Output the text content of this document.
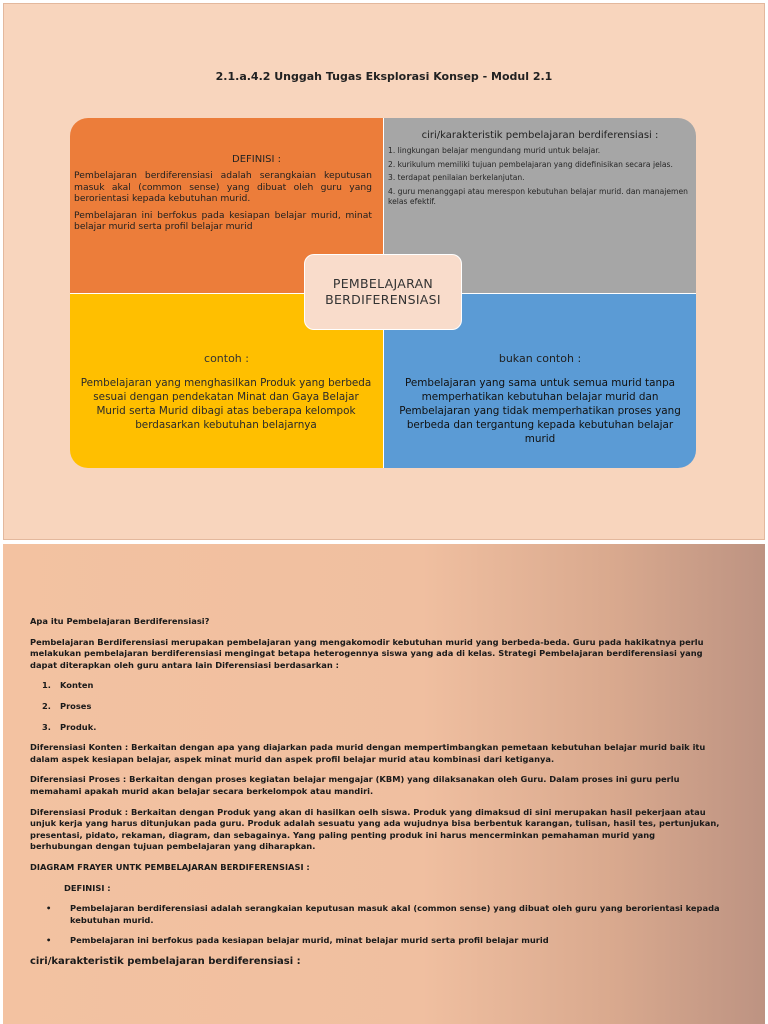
2.1.a.4.2 Unggah Tugas Eksplorasi Konsep - Modul 2.1
DEFINISI :

Pembelajaran berdiferensiasi adalah serangkaian keputusan masuk akal (common sense) yang dibuat oleh guru yang berorientasi kepada kebutuhan murid.

Pembelajaran ini berfokus pada kesiapan belajar murid, minat belajar murid serta profil belajar murid

ciri/karakteristik pembelajaran berdiferensiasi :
1. lingkungan belajar mengundang murid untuk belajar.
2. kurikulum memiliki tujuan pembelajaran yang didefinisikan secara jelas.
3. terdapat penilaian berkelanjutan.
4. guru menanggapi atau merespon kebutuhan belajar murid. dan manajemen kelas efektif.
contoh :
Pembelajaran yang menghasilkan Produk yang berbeda sesuai dengan pendekatan Minat dan Gaya Belajar Murid serta Murid dibagi atas beberapa kelompok berdasarkan kebutuhan belajarnya
bukan contoh :
Pembelajaran yang sama untuk semua murid tanpa memperhatikan kebutuhan belajar murid dan Pembelajaran yang tidak memperhatikan proses yang berbeda dan tergantung kepada kebutuhan belajar murid
PEMBELAJARAN
BERDIFERENSIASI
Apa itu Pembelajaran Berdiferensiasi?

Pembelajaran Berdiferensiasi merupakan pembelajaran yang mengakomodir kebutuhan murid yang berbeda-beda. Guru pada hakikatnya perlu melakukan pembelajaran berdiferensiasi mengingat betapa heterogennya siswa yang ada di kelas. Strategi Pembelajaran berdiferensiasi yang dapat diterapkan oleh guru antara lain Diferensiasi berdasarkan :

1. Konten
2. Proses
3. Produk.

Diferensiasi Konten : Berkaitan dengan apa yang diajarkan pada murid dengan mempertimbangkan pemetaan kebutuhan belajar murid baik itu dalam aspek kesiapan belajar, aspek minat murid dan aspek profil belajar murid atau kombinasi dari ketiganya.

Diferensiasi Proses : Berkaitan dengan proses kegiatan belajar mengajar (KBM) yang dilaksanakan oleh Guru. Dalam proses ini guru perlu memahami apakah murid akan belajar secara berkelompok atau mandiri.

Diferensiasi Produk : Berkaitan dengan Produk yang akan di hasilkan oelh siswa. Produk yang dimaksud di sini merupakan hasil pekerjaan atau unjuk kerja yang harus ditunjukan pada guru. Produk adalah sesuatu yang ada wujudnya bisa berbentuk karangan, tulisan, hasil tes, pertunjukan, presentasi, pidato, rekaman, diagram, dan sebagainya. Yang paling penting produk ini harus mencerminkan pemahaman murid yang berhubungan dengan tujuan pembelajaran yang diharapkan.

DIAGRAM FRAYER UNTK PEMBELAJARAN BERDIFERENSIASI :
DEFINISI :
• Pembelajaran berdiferensiasi adalah serangkaian keputusan masuk akal (common sense) yang dibuat oleh guru yang berorientasi kepada kebutuhan murid.
• Pembelajaran ini berfokus pada kesiapan belajar murid, minat belajar murid serta profil belajar murid
ciri/karakteristik pembelajaran berdiferensiasi :
